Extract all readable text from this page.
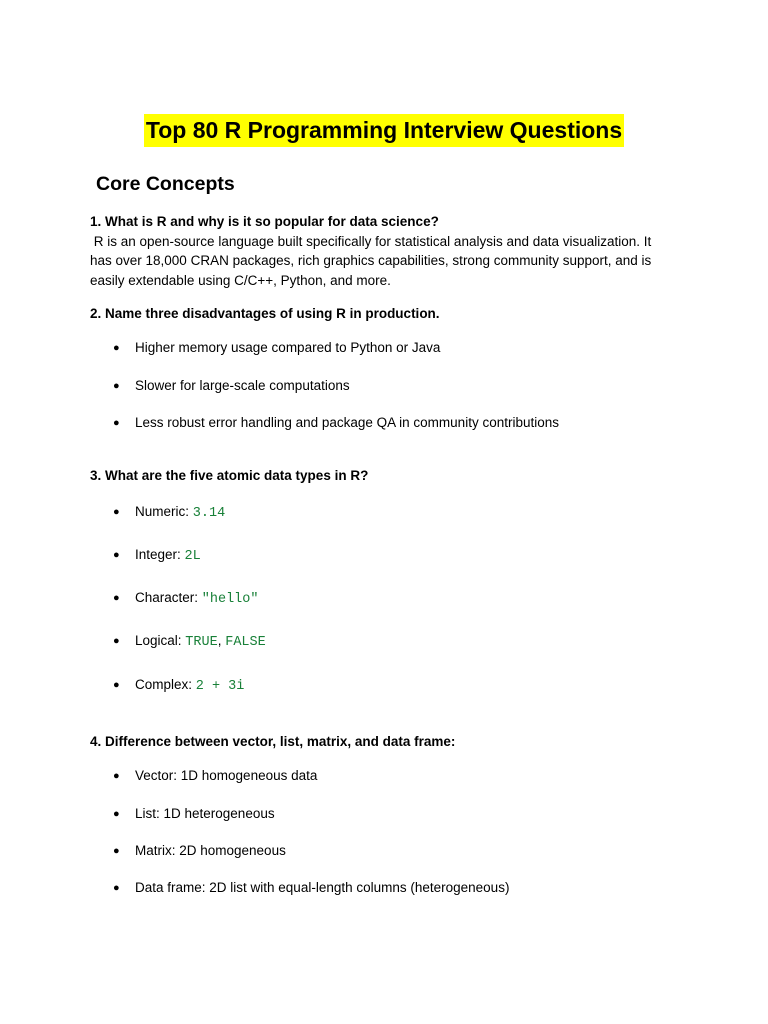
Top 80 R Programming Interview Questions
Core Concepts
1. What is R and why is it so popular for data science?
R is an open-source language built specifically for statistical analysis and data visualization. It
has over 18,000 CRAN packages, rich graphics capabilities, strong community support, and is
easily extendable using C/C++, Python, and more.
2. Name three disadvantages of using R in production.
● Higher memory usage compared to Python or Java
● Slower for large-scale computations
● Less robust error handling and package QA in community contributions
3. What are the five atomic data types in R?
● Numeric: 3.14
● Integer: 2L
● Character: "hello"
● Logical: TRUE, FALSE
● Complex: 2 + 3i
4. Difference between vector, list, matrix, and data frame:
● Vector: 1D homogeneous data
● List: 1D heterogeneous
● Matrix: 2D homogeneous
● Data frame: 2D list with equal-length columns (heterogeneous)
